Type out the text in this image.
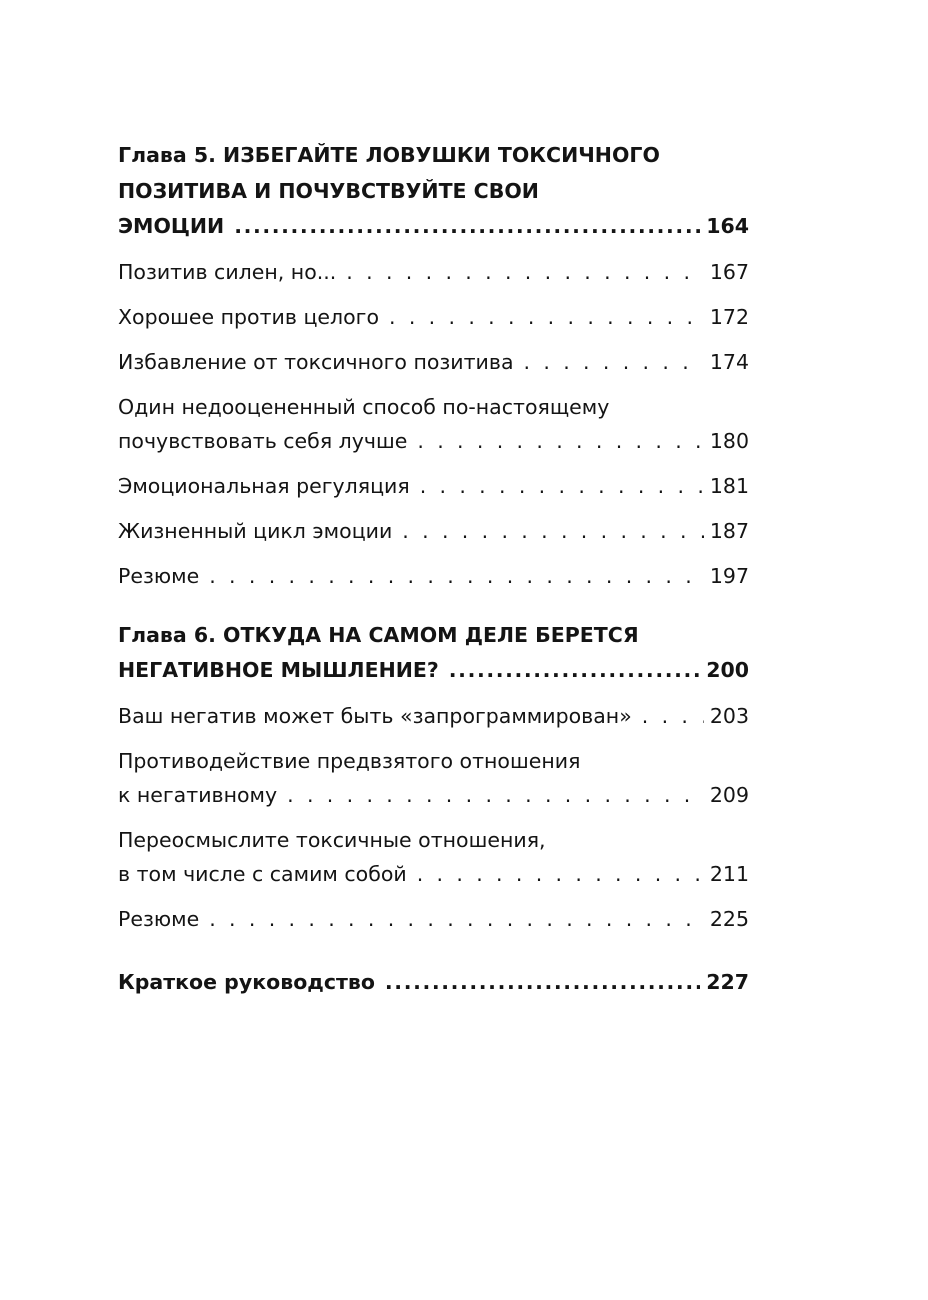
Глава 5. ИЗБЕГАЙТЕ ЛОВУШКИ ТОКСИЧНОГО
ПОЗИТИВА И ПОЧУВСТВУЙТЕ СВОИ
ЭМОЦИИ .....	164
Позитив силен, но... . . .	167
Хорошее против целого . . .	172
Избавление от токсичного позитива . . .	174
Один недооцененный способ по-настоящему
почувствовать себя лучше . . .	180
Эмоциональная регуляция . . .	181
Жизненный цикл эмоции . . .	187
Резюме . . .	197
Глава 6. ОТКУДА НА САМОМ ДЕЛЕ БЕРЕТСЯ
НЕГАТИВНОЕ МЫШЛЕНИЕ? .....	200
Ваш негатив может быть «запрограммирован» . . .	203
Противодействие предвзятого отношения
к негативному . . .	209
Переосмыслите токсичные отношения,
в том числе с самим собой . . .	211
Резюме . . .	225
Краткое руководство .....	227
